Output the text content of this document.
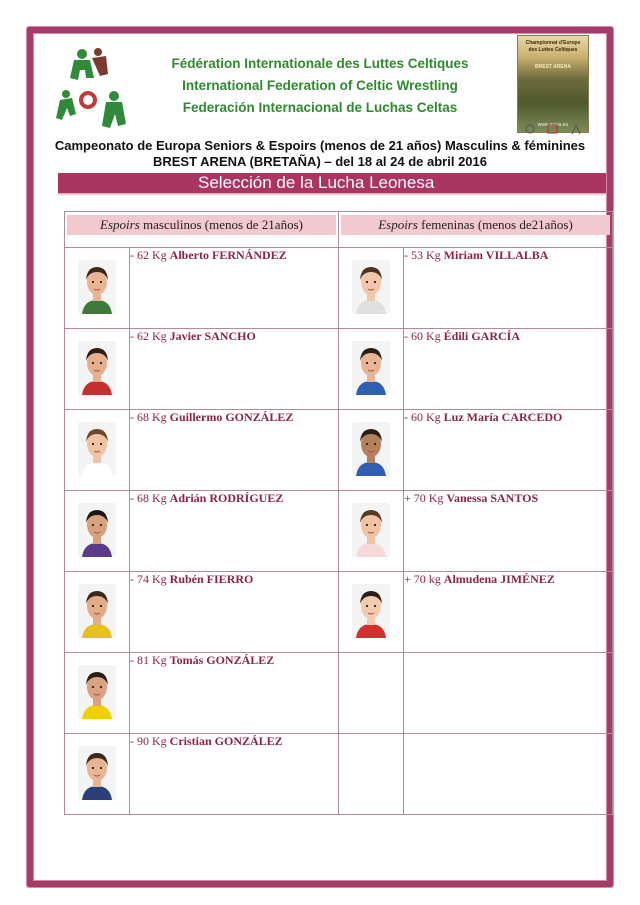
Fédération Internationale des Luttes Celtiques
International Federation of Celtic Wrestling
Federación Internacional de Luchas Celtas
Championnat d'Europe
des Luttes Celtiques
BREST ARENA
www.ecwa.eu
Campeonato de Europa Seniors & Espoirs (menos de 21 años) Masculins & féminines
BREST ARENA (BRETAÑA) – del 18 al 24 de abril 2016
Selección de la Lucha Leonesa
Espoirs masculinos (menos de 21años)		Espoirs femeninas (menos de21años)	

	- 62 Kg Alberto FERNÁNDEZ		- 53 Kg Miriam VILLALBA

	- 62 Kg Javier SANCHO		- 60 Kg Édili GARCÍA

	- 68 Kg Guillermo GONZÁLEZ		- 60 Kg Luz María CARCEDO

	- 68 Kg Adrián RODRÍGUEZ		+ 70 Kg Vanessa SANTOS

	- 74 Kg Rubén FIERRO		+ 70 kg Almudena JIMÉNEZ

	- 81 Kg Tomás GONZÁLEZ		

	- 90 Kg Cristian GONZÁLEZ		
